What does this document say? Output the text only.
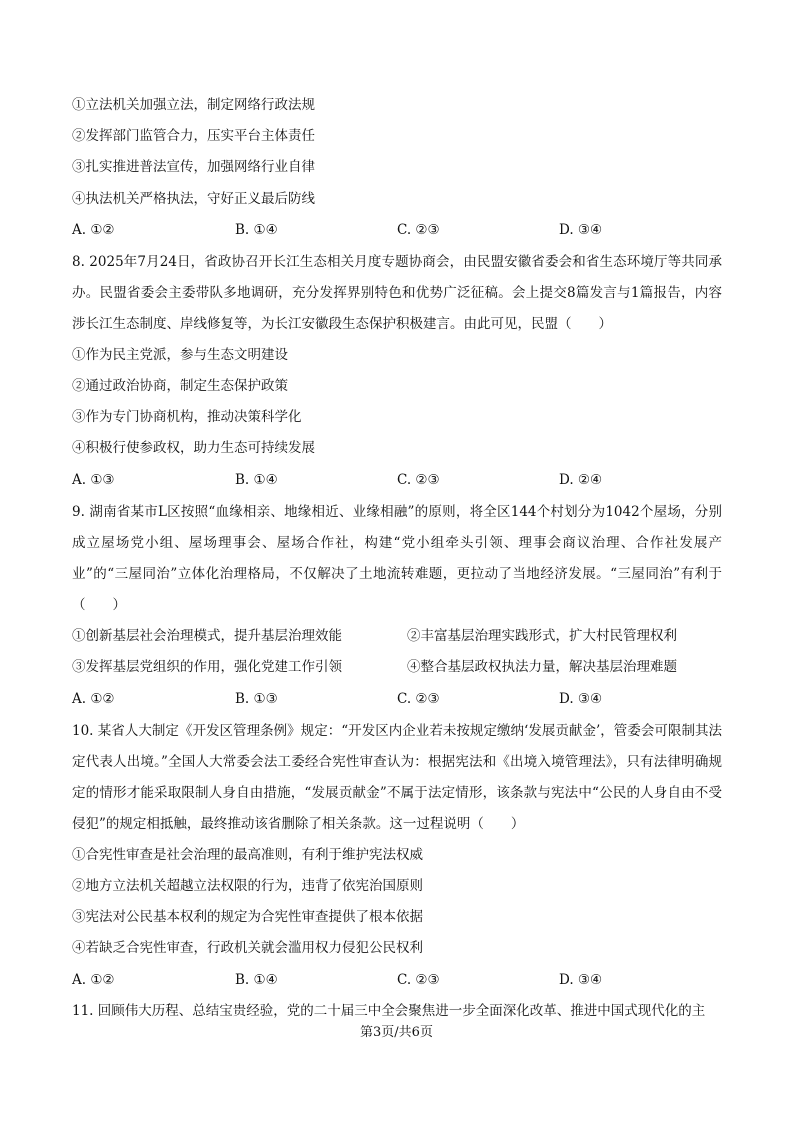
①立法机关加强立法，制定网络行政法规
②发挥部门监管合力，压实平台主体责任
③扎实推进普法宣传，加强网络行业自律
④执法机关严格执法，守好正义最后防线
A. ①②	B. ①④	C. ②③	D. ③④
8. 2025年7月24日，省政协召开长江生态相关月度专题协商会，由民盟安徽省委会和省生态环境厅等共同承办。民盟省委会主委带队多地调研，充分发挥界别特色和优势广泛征稿。会上提交8篇发言与1篇报告，内容涉长江生态制度、岸线修复等，为长江安徽段生态保护积极建言。由此可见，民盟（　　）
①作为民主党派，参与生态文明建设
②通过政治协商，制定生态保护政策
③作为专门协商机构，推动决策科学化
④积极行使参政权，助力生态可持续发展
A. ①③	B. ①④	C. ②③	D. ②④
9. 湖南省某市L区按照“血缘相亲、地缘相近、业缘相融”的原则，将全区144个村划分为1042个屋场，分别成立屋场党小组、屋场理事会、屋场合作社，构建“党小组牵头引领、理事会商议治理、合作社发展产业”的“三屋同治”立体化治理格局，不仅解决了土地流转难题，更拉动了当地经济发展。“三屋同治”有利于（　　）
①创新基层社会治理模式，提升基层治理效能	②丰富基层治理实践形式，扩大村民管理权利
③发挥基层党组织的作用，强化党建工作引领	④整合基层政权执法力量，解决基层治理难题
A. ①②	B. ①③	C. ②③	D. ③④
10. 某省人大制定《开发区管理条例》规定：“开发区内企业若未按规定缴纳‘发展贡献金’，管委会可限制其法定代表人出境。”全国人大常委会法工委经合宪性审查认为：根据宪法和《出境入境管理法》，只有法律明确规定的情形才能采取限制人身自由措施，“发展贡献金”不属于法定情形，该条款与宪法中“公民的人身自由不受侵犯”的规定相抵触，最终推动该省删除了相关条款。这一过程说明（　　）
①合宪性审查是社会治理的最高准则，有利于维护宪法权威
②地方立法机关超越立法权限的行为，违背了依宪治国原则
③宪法对公民基本权利的规定为合宪性审查提供了根本依据
④若缺乏合宪性审查，行政机关就会滥用权力侵犯公民权利
A. ①②	B. ①④	C. ②③	D. ③④
11. 回顾伟大历程、总结宝贵经验，党的二十届三中全会聚焦进一步全面深化改革、推进中国式现代化的主
第3页/共6页
